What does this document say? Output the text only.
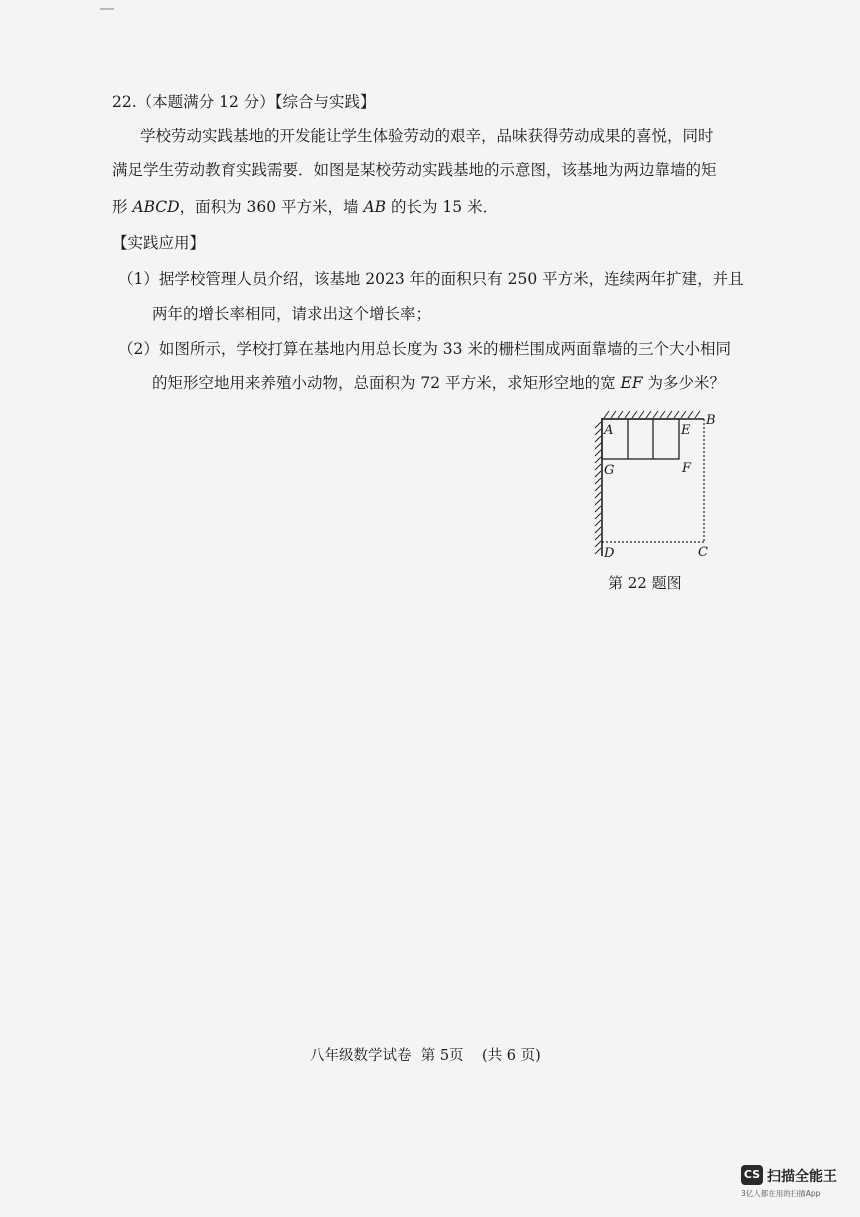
22.（本题满分 12 分）【综合与实践】
学校劳动实践基地的开发能让学生体验劳动的艰辛，品味获得劳动成果的喜悦，同时
满足学生劳动教育实践需要．如图是某校劳动实践基地的示意图，该基地为两边靠墙的矩
形 ABCD，面积为 360 平方米，墙 AB 的长为 15 米．
【实践应用】
（1）据学校管理人员介绍，该基地 2023 年的面积只有 250 平方米，连续两年扩建，并且
两年的增长率相同，请求出这个增长率；
（2）如图所示，学校打算在基地内用总长度为 33 米的栅栏围成两面靠墙的三个大小相同
的矩形空地用来养殖小动物，总面积为 72 平方米，求矩形空地的宽 EF 为多少米？
A	E
B
G	F
D	C
第 22 题图
八年级数学试卷  第 5页    (共 6 页)
CS 扫描全能王
3亿人都在用的扫描App
